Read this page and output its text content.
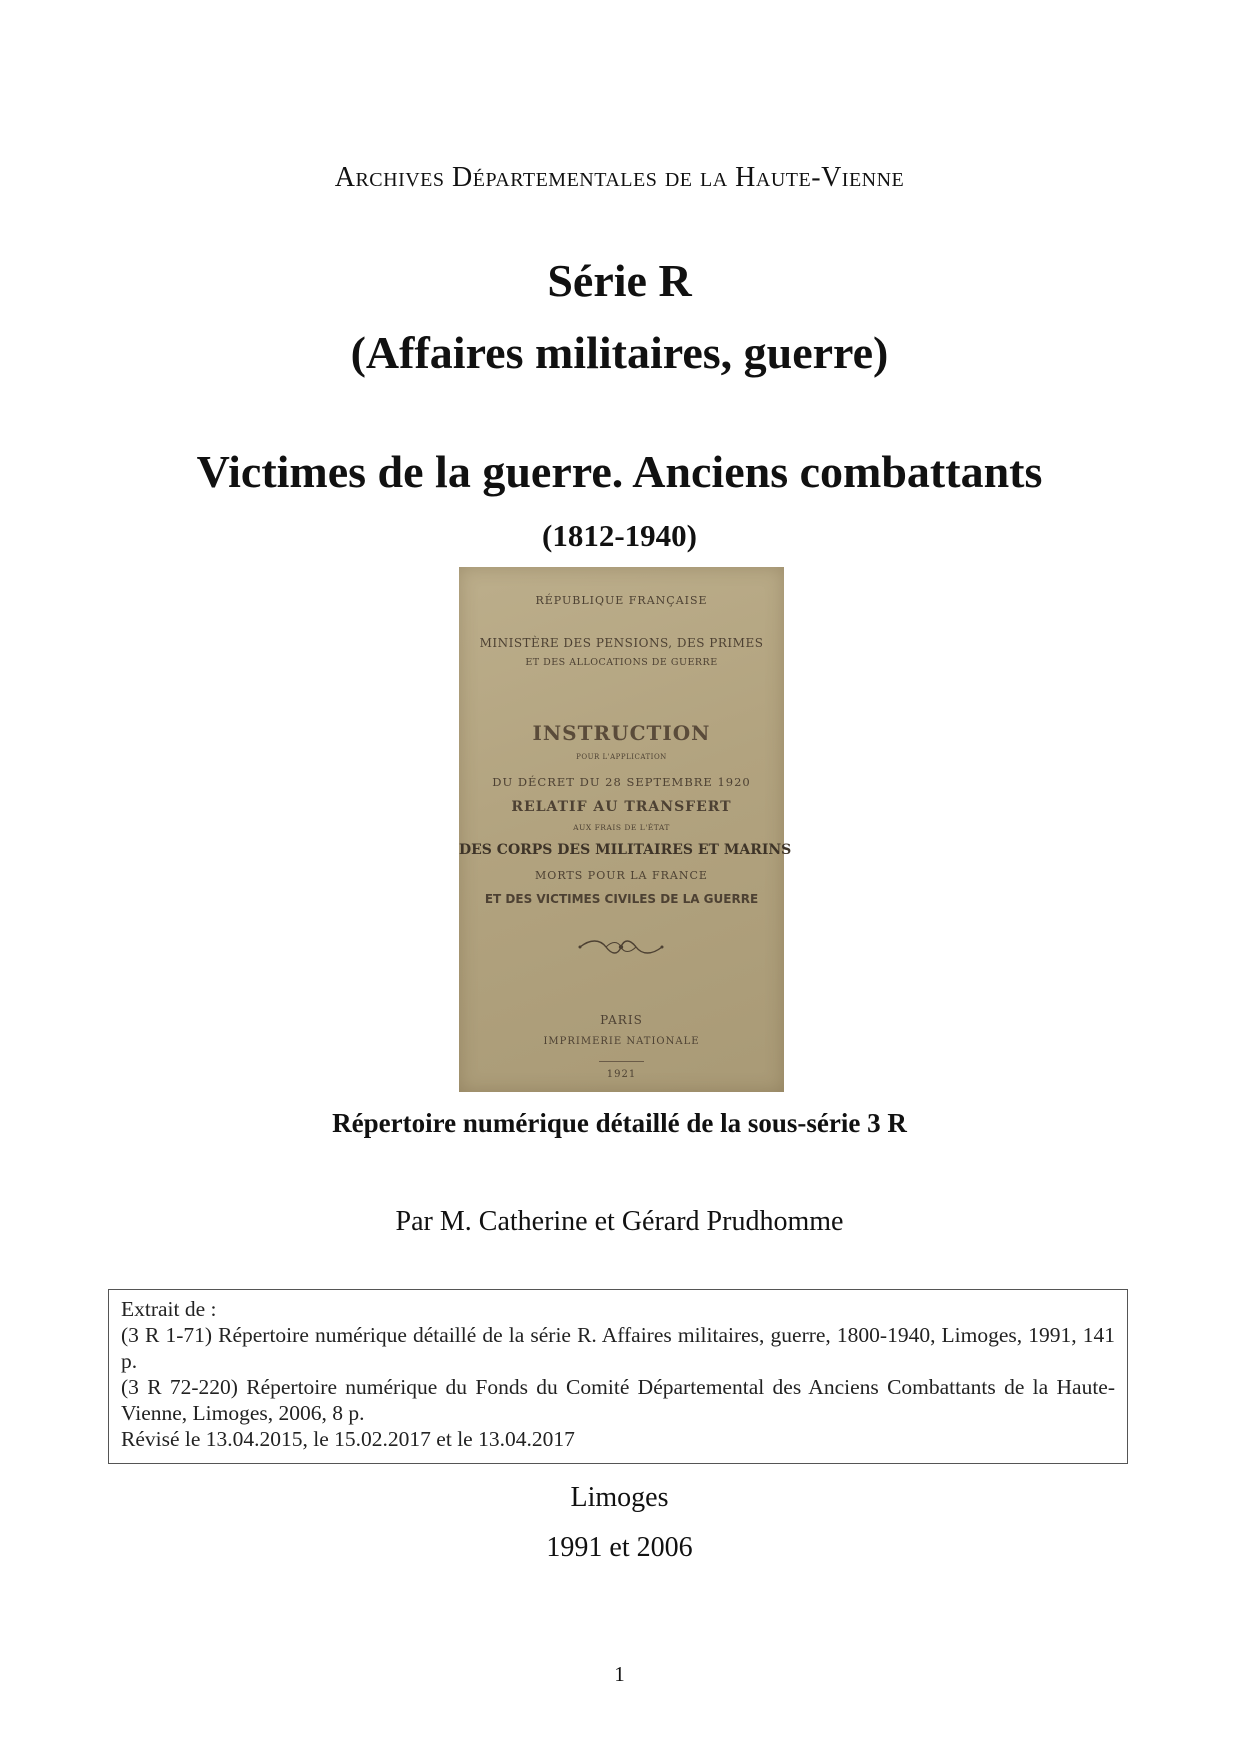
Archives Départementales de la Haute-Vienne
Série R
(Affaires militaires, guerre)
Victimes de la guerre. Anciens combattants
(1812-1940)
RÉPUBLIQUE FRANÇAISE
MINISTÈRE DES PENSIONS, DES PRIMES
ET DES ALLOCATIONS DE GUERRE
INSTRUCTION
POUR L'APPLICATION
DU DÉCRET DU 28 SEPTEMBRE 1920
RELATIF AU TRANSFERT
AUX FRAIS DE L'ÉTAT
DES CORPS DES MILITAIRES ET MARINS
MORTS POUR LA FRANCE
ET DES VICTIMES CIVILES DE LA GUERRE
PARIS
IMPRIMERIE NATIONALE
1921
Répertoire numérique détaillé de la sous-série 3 R
Par M. Catherine et Gérard Prudhomme

Extrait de :

(3 R 1-71) Répertoire numérique détaillé de la série R. Affaires militaires, guerre, 1800-1940, Limoges, 1991, 141 p.

(3 R 72-220) Répertoire numérique du Fonds du Comité Départemental des Anciens Combattants de la Haute-Vienne, Limoges, 2006, 8 p.

Révisé le 13.04.2015, le 15.02.2017 et le 13.04.2017

Limoges
1991 et 2006
1
